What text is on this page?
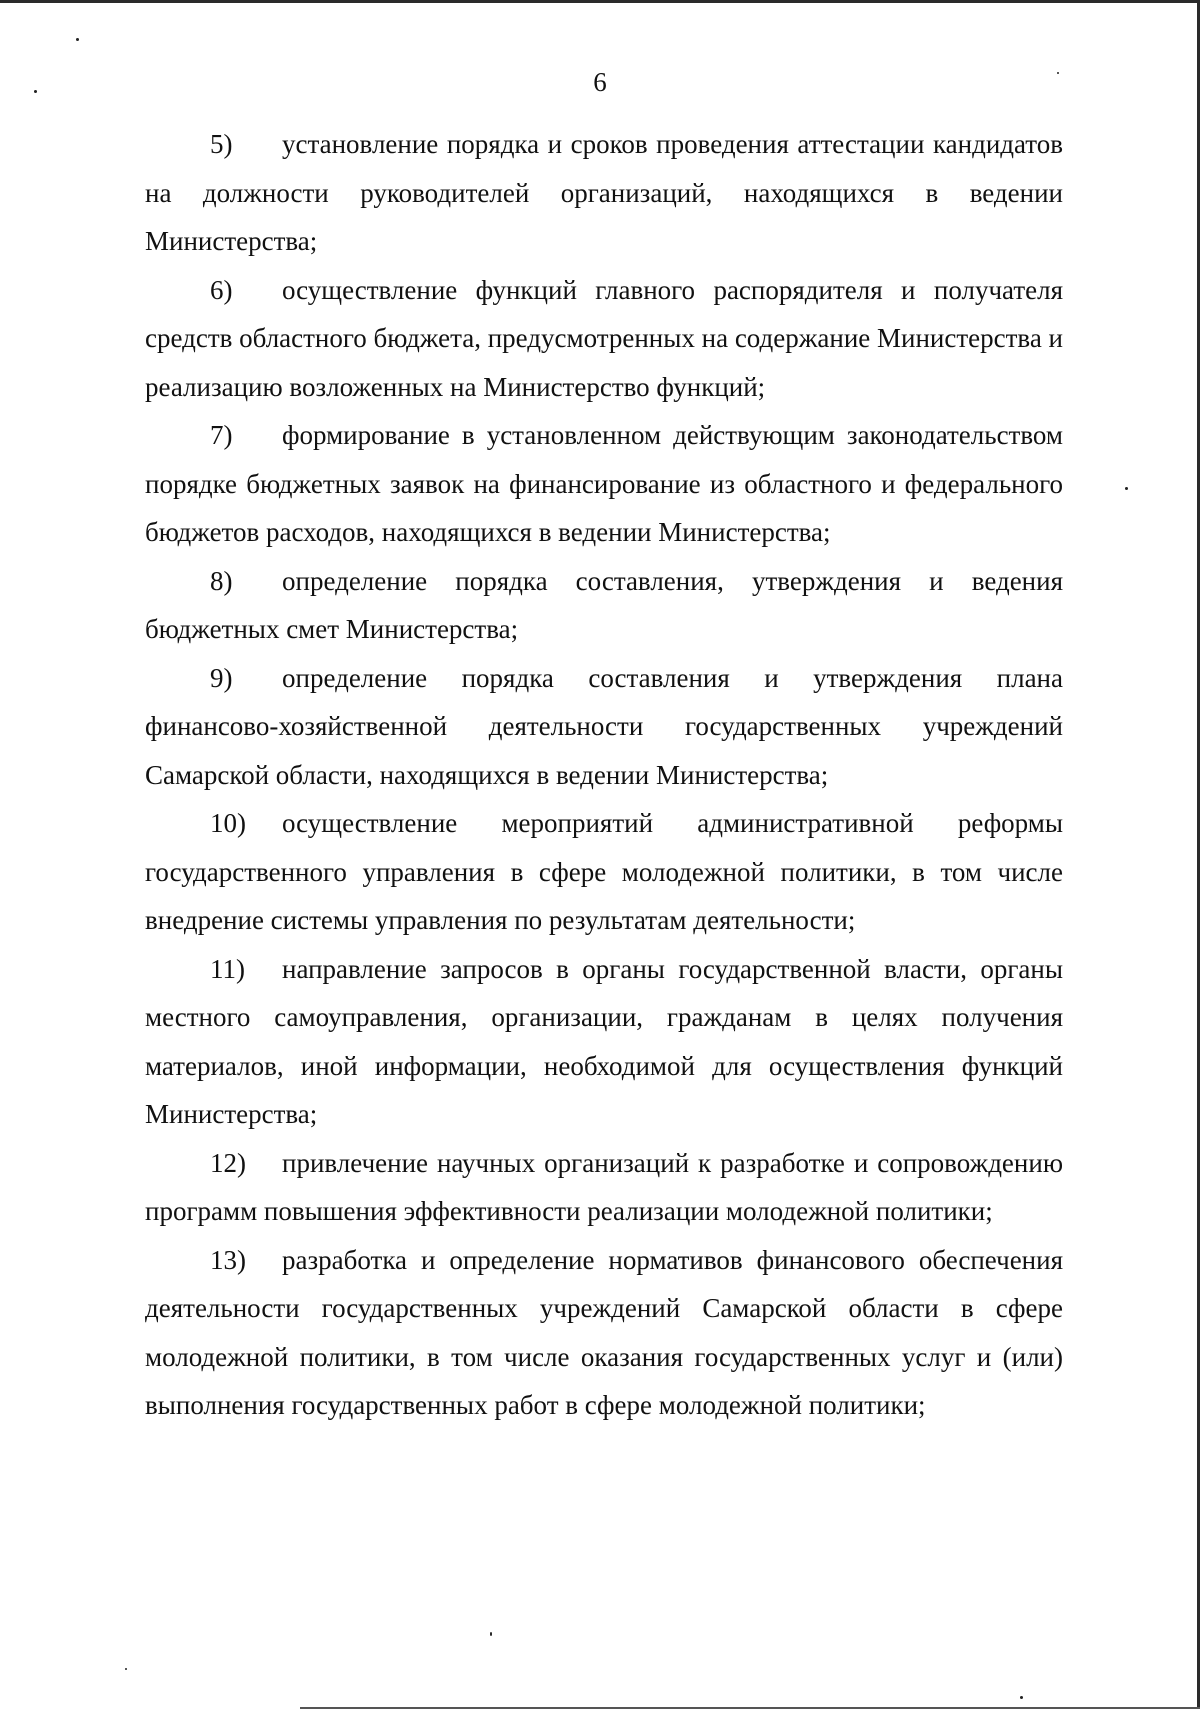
6

5) установление порядка и сроков проведения аттестации кандидатов на должности руководителей организаций, находящихся в ведении Министерства;

6) осуществление функций главного распорядителя и получателя средств областного бюджета, предусмотренных на содержание Министерства и реализацию возложенных на Министерство функций;

7) формирование в установленном действующим законодательством порядке бюджетных заявок на финансирование из областного и федерального бюджетов расходов, находящихся в ведении Министерства;

8) определение порядка составления, утверждения и ведения бюджетных смет Министерства;

9) определение порядка составления и утверждения плана финансово-хозяйственной деятельности государственных учреждений Самарской области, находящихся в ведении Министерства;

10) осуществление мероприятий административной реформы государственного управления в сфере молодежной политики, в том числе внедрение системы управления по результатам деятельности;

11) направление запросов в органы государственной власти, органы местного самоуправления, организации, гражданам в целях получения материалов, иной информации, необходимой для осуществления функций Министерства;

12) привлечение научных организаций к разработке и сопровождению программ повышения эффективности реализации молодежной политики;

13) разработка и определение нормативов финансового обеспечения деятельности государственных учреждений Самарской области в сфере молодежной политики, в том числе оказания государственных услуг и (или) выполнения государственных работ в сфере молодежной политики;
